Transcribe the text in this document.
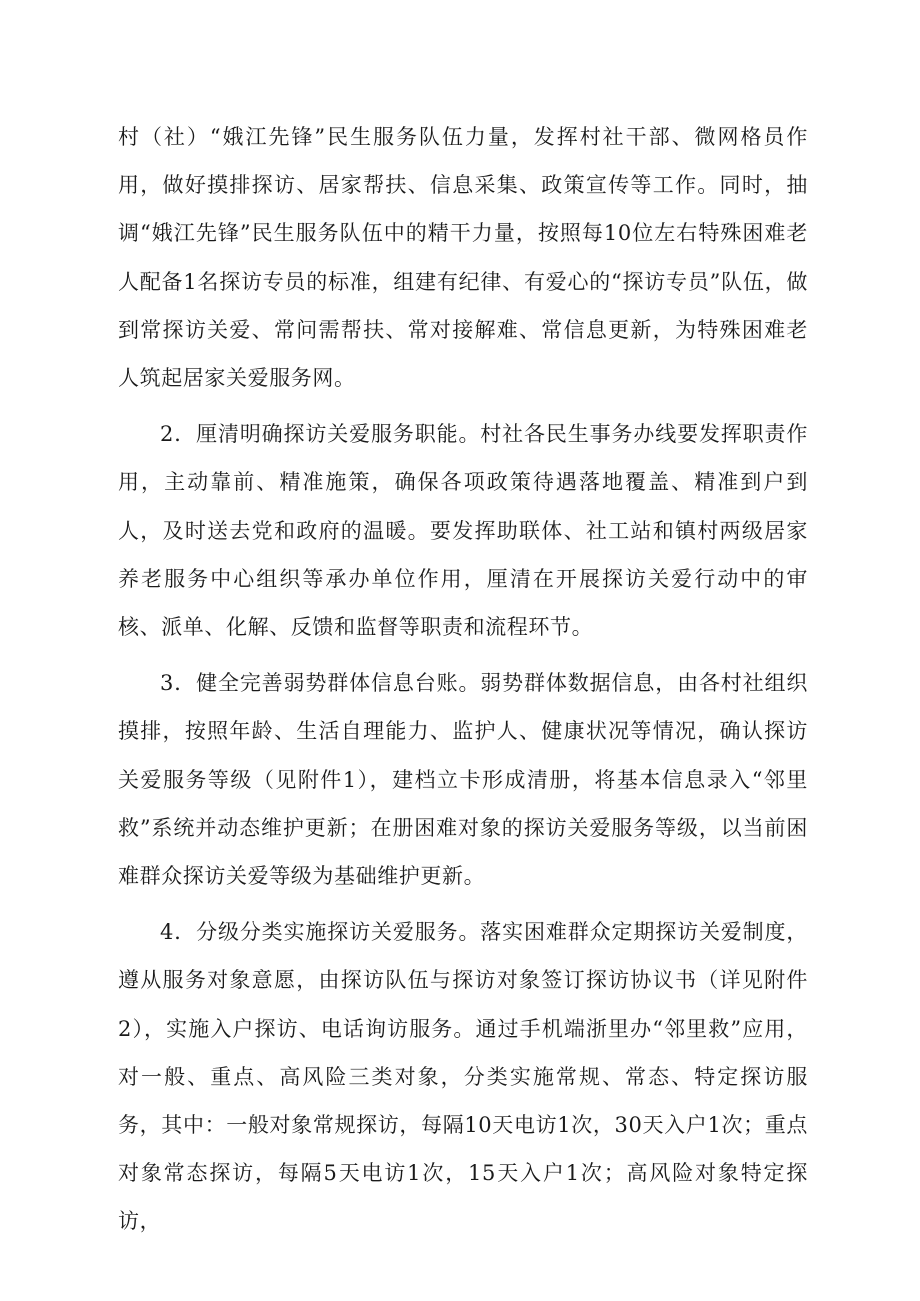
村（社）“娥江先锋”民生服务队伍力量，发挥村社干部、微网格员作用，做好摸排探访、居家帮扶、信息采集、政策宣传等工作。同时，抽调“娥江先锋”民生服务队伍中的精干力量，按照每10位左右特殊困难老人配备1名探访专员的标准，组建有纪律、有爱心的“探访专员”队伍，做到常探访关爱、常问需帮扶、常对接解难、常信息更新，为特殊困难老人筑起居家关爱服务网。

2．厘清明确探访关爱服务职能。村社各民生事务办线要发挥职责作用，主动靠前、精准施策，确保各项政策待遇落地覆盖、精准到户到人，及时送去党和政府的温暖。要发挥助联体、社工站和镇村两级居家养老服务中心组织等承办单位作用，厘清在开展探访关爱行动中的审核、派单、化解、反馈和监督等职责和流程环节。

3．健全完善弱势群体信息台账。弱势群体数据信息，由各村社组织摸排，按照年龄、生活自理能力、监护人、健康状况等情况，确认探访关爱服务等级（见附件1），建档立卡形成清册，将基本信息录入“邻里救”系统并动态维护更新；在册困难对象的探访关爱服务等级，以当前困难群众探访关爱等级为基础维护更新。

4．分级分类实施探访关爱服务。落实困难群众定期探访关爱制度，遵从服务对象意愿，由探访队伍与探访对象签订探访协议书（详见附件2），实施入户探访、电话询访服务。通过手机端浙里办“邻里救”应用，对一般、重点、高风险三类对象，分类实施常规、常态、特定探访服务，其中：一般对象常规探访，每隔10天电访1次，30天入户1次；重点对象常态探访，每隔5天电访1次，15天入户1次；高风险对象特定探访，
